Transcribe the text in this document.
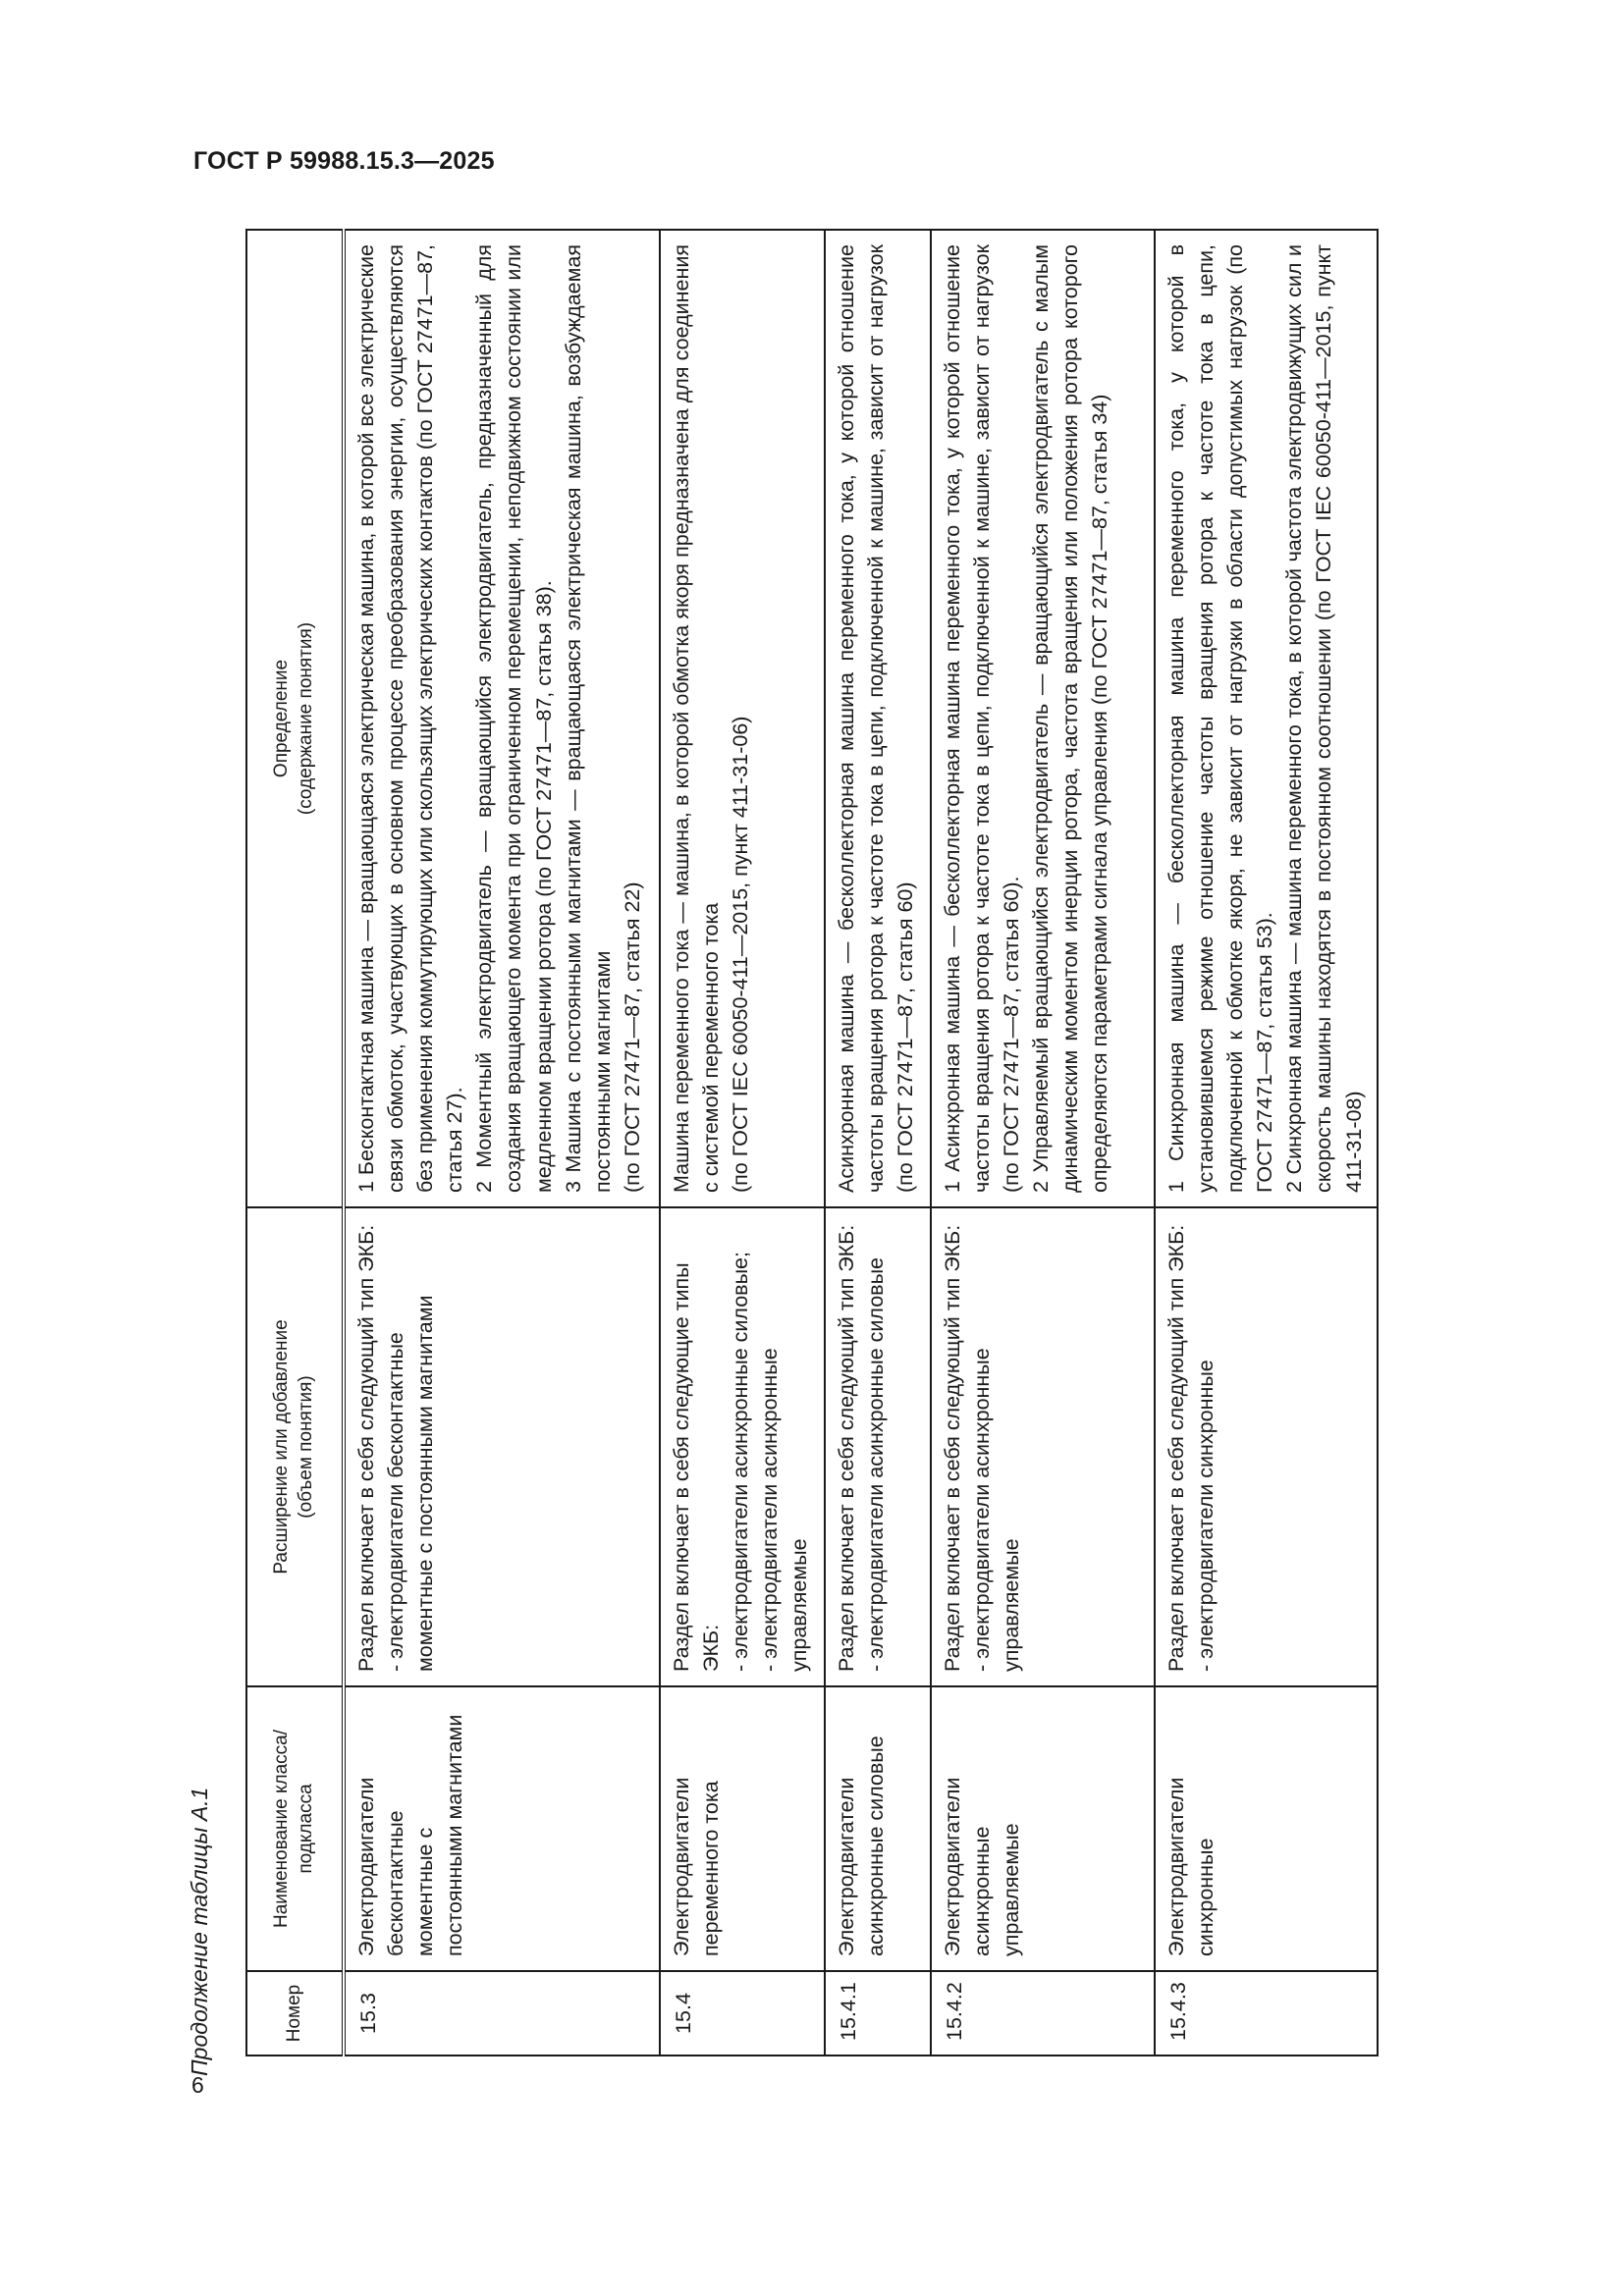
ГОСТ Р 59988.15.3—2025
Продолжение таблицы А.1	Номер	Наименование класса/ подкласса	Расширение или добавление (объем понятия)	Определение (содержание понятия)

15.3	Электродвигатели бесконтактные моментные с постоянными магнитами	Раздел включает в себя следующий тип ЭКБ: - электродвигатели бесконтактные моментные с постоянными магнитами	1 Бесконтактная машина — вращающаяся электрическая машина, в которой все электрические связи обмоток, участвующих в основном процессе преобразования энергии, осуществляются без применения коммутирующих или скользящих электрических контактов (по ГОСТ 27471—87, статья 27). 2 Моментный электродвигатель — вращающийся электродвигатель, предназначенный для создания вращающего момента при ограниченном перемещении, неподвижном состоянии или медленном вращении ротора (по ГОСТ 27471—87, статья 38). 3 Машина с постоянными магнитами — вращающаяся электрическая машина, возбуждаемая постоянными магнитами (по ГОСТ 27471—87, статья 22)

15.4	Электродвигатели переменного тока	Раздел включает в себя следующие типы ЭКБ: - электродвигатели асинхронные силовые; - электродвигатели асинхронные управляемые	Машина переменного тока — машина, в которой обмотка якоря предназначена для соединения с системой переменного тока (по ГОСТ IEC 60050-411—2015, пункт 411-31-06)

15.4.1	Электродвигатели асинхронные силовые	Раздел включает в себя следующий тип ЭКБ: - электродвигатели асинхронные силовые	Асинхронная машина — бесколлекторная машина переменного тока, у которой отношение частоты вращения ротора к частоте тока в цепи, подключенной к машине, зависит от нагрузок (по ГОСТ 27471—87, статья 60)

15.4.2	Электродвигатели асинхронные управляемые	Раздел включает в себя следующий тип ЭКБ: - электродвигатели асинхронные управляемые	1 Асинхронная машина — бесколлекторная машина переменного тока, у которой отношение частоты вращения ротора к частоте тока в цепи, подключенной к машине, зависит от нагрузок (по ГОСТ 27471—87, статья 60). 2 Управляемый вращающийся электродвигатель — вращающийся электродвигатель с малым динамическим моментом инерции ротора, частота вращения или положения ротора которого определяются параметрами сигнала управления (по ГОСТ 27471—87, статья 34)

15.4.3	Электродвигатели синхронные	Раздел включает в себя следующий тип ЭКБ: - электродвигатели синхронные	1 Синхронная машина — бесколлекторная машина переменного тока, у которой в установившемся режиме отношение частоты вращения ротора к частоте тока в цепи, подключенной к обмотке якоря, не зависит от нагрузки в области допустимых нагрузок (по ГОСТ 27471—87, статья 53). 2 Синхронная машина — машина переменного тока, в которой частота электродвижущих сил и скорость машины находятся в постоянном соотношении (по ГОСТ IEC 60050-411—2015, пункт 411-31-08)
6
